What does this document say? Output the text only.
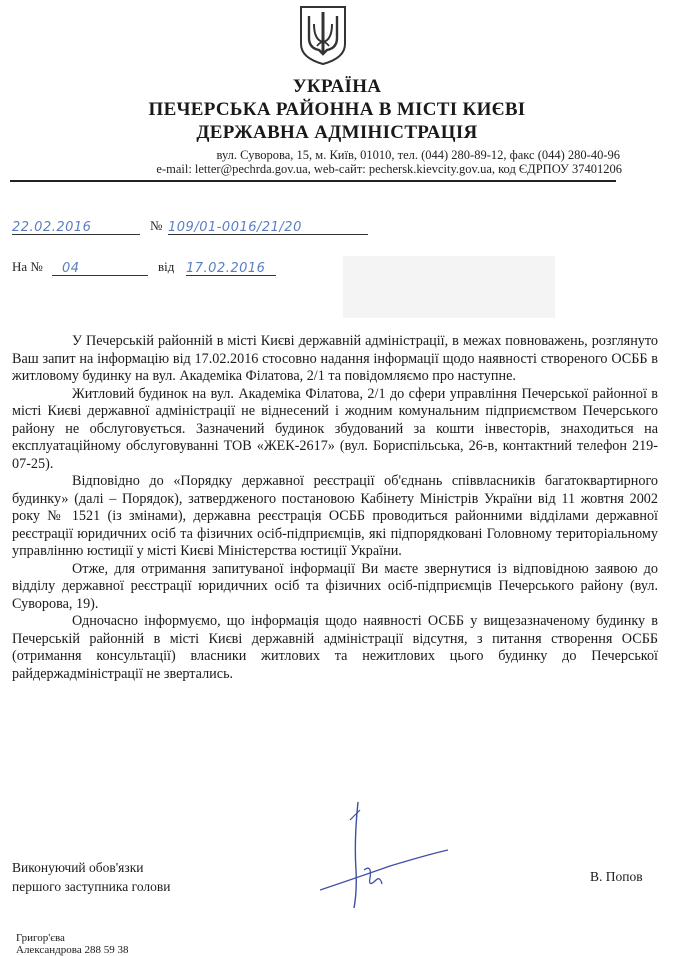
УКРАЇНА
ПЕЧЕРСЬКА РАЙОННА В МІСТІ КИЄВІ
ДЕРЖАВНА АДМІНІСТРАЦІЯ
вул. Суворова, 15, м. Київ, 01010, тел. (044) 280-89-12, факс (044) 280-40-96
e-mail: letter@pechrda.gov.ua, web-сайт: pechersk.kievcity.gov.ua, код ЄДРПОУ 37401206
22.02.2016	№ 109/01-0016/21/20
На №	04	від 17.02.2016

У Печерській районній в місті Києві державній адміністрації, в межах повноважень, розглянуто Ваш запит на інформацію від 17.02.2016 стосовно надання інформації щодо наявності створеного ОСББ в житловому будинку на вул. Академіка Філатова, 2/1 та повідомляємо про наступне.

Житловий будинок на вул. Академіка Філатова, 2/1 до сфери управління Печерської районної в місті Києві державної адміністрації не віднесений і жодним комунальним підприємством Печерського району не обслуговується. Зазначений будинок збудований за кошти інвесторів, знаходиться на експлуатаційному обслуговуванні ТОВ «ЖЕК-2617» (вул. Бориспільська, 26-в, контактний телефон 219-07-25).

Відповідно до «Порядку державної реєстрації об'єднань співвласників багатоквартирного будинку» (далі – Порядок), затвердженого постановою Кабінету Міністрів України від 11 жовтня 2002 року № 1521 (із змінами), державна реєстрація ОСББ проводиться районними відділами державної реєстрації юридичних осіб та фізичних осіб-підприємців, які підпорядковані Головному територіальному управлінню юстиції у місті Києві Міністерства юстиції України.

Отже, для отримання запитуваної інформації Ви маєте звернутися із відповідною заявою до відділу державної реєстрації юридичних осіб та фізичних осіб-підприємців Печерського району (вул. Суворова, 19).

Одночасно інформуємо, що інформація щодо наявності ОСББ у вищезазначеному будинку в Печерській районній в місті Києві державній адміністрації відсутня, з питання створення ОСББ (отримання консультації) власники житлових та нежитлових цього будинку до Печерської райдержадміністрації не звертались.

Виконуючий обов'язки
першого заступника голови
В. Попов
Григор'єва
Александрова 288 59 38
